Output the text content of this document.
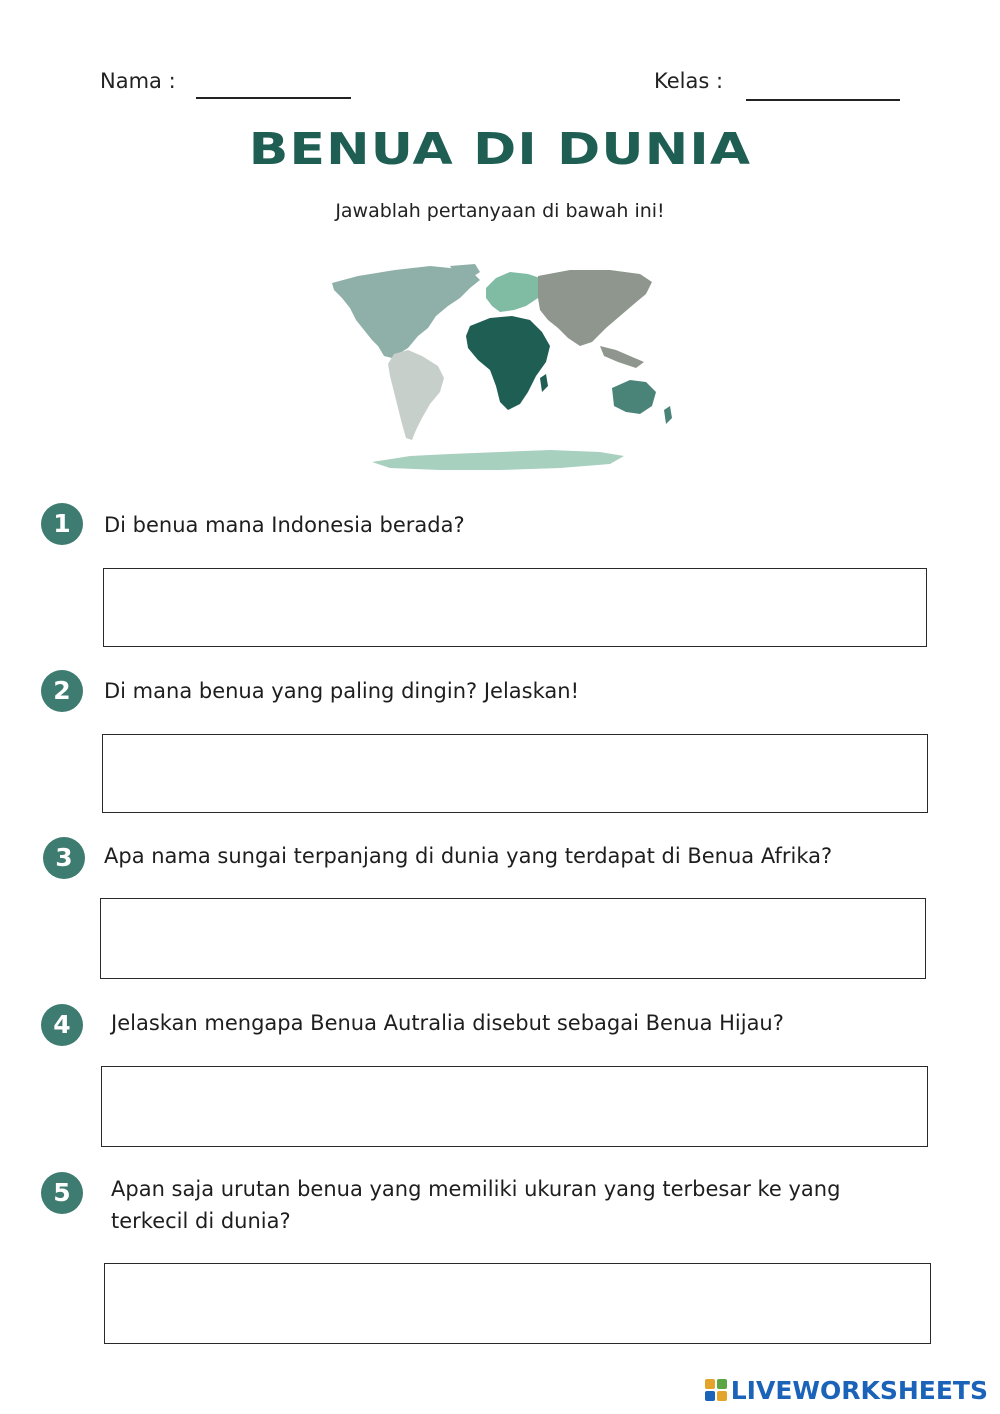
Nama :	Kelas :
BENUA DI DUNIA
Jawablah pertanyaan di bawah ini!
1	Di benua mana Indonesia berada?
2	Di mana benua yang paling dingin? Jelaskan!
3	Apa nama sungai terpanjang di dunia yang terdapat di Benua Afrika?
4	Jelaskan mengapa Benua Autralia disebut sebagai Benua Hijau?
5	Apan saja urutan benua yang memiliki ukuran yang terbesar ke yang
terkecil di dunia?
LIVEWORKSHEETS
